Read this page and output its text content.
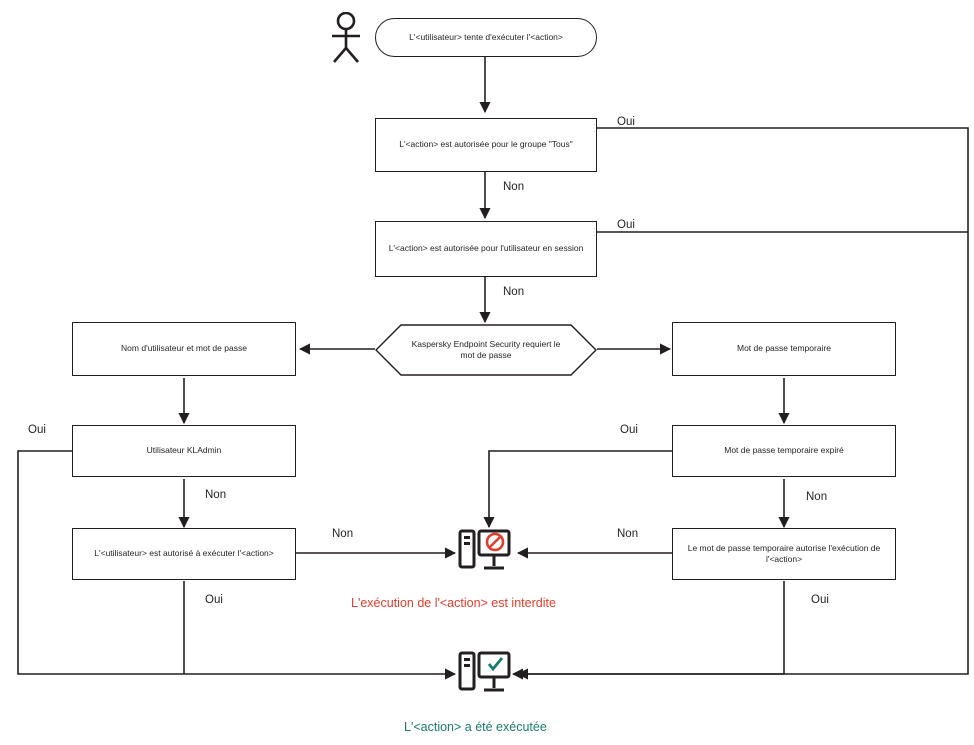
L'<utilisateur> tente d'exécuter l'<action>
L'<action> est autorisée pour le groupe "Tous"
L'<action> est autorisée pour l'utilisateur en session
Kaspersky Endpoint Security requiert le mot de passe
Nom d'utilisateur et mot de passe	Mot de passe temporaire
Utilisateur KLAdmin	Mot de passe temporaire expiré
L'<utilisateur> est autorisé à exécuter l'<action>
Le mot de passe temporaire autorise l'exécution de l'<action>
Oui
Non
Oui
Non
Oui
Non
Oui
Non
Non
Oui
Non
Oui
L'exécution de l'<action> est interdite
L'<action> a été exécutée
